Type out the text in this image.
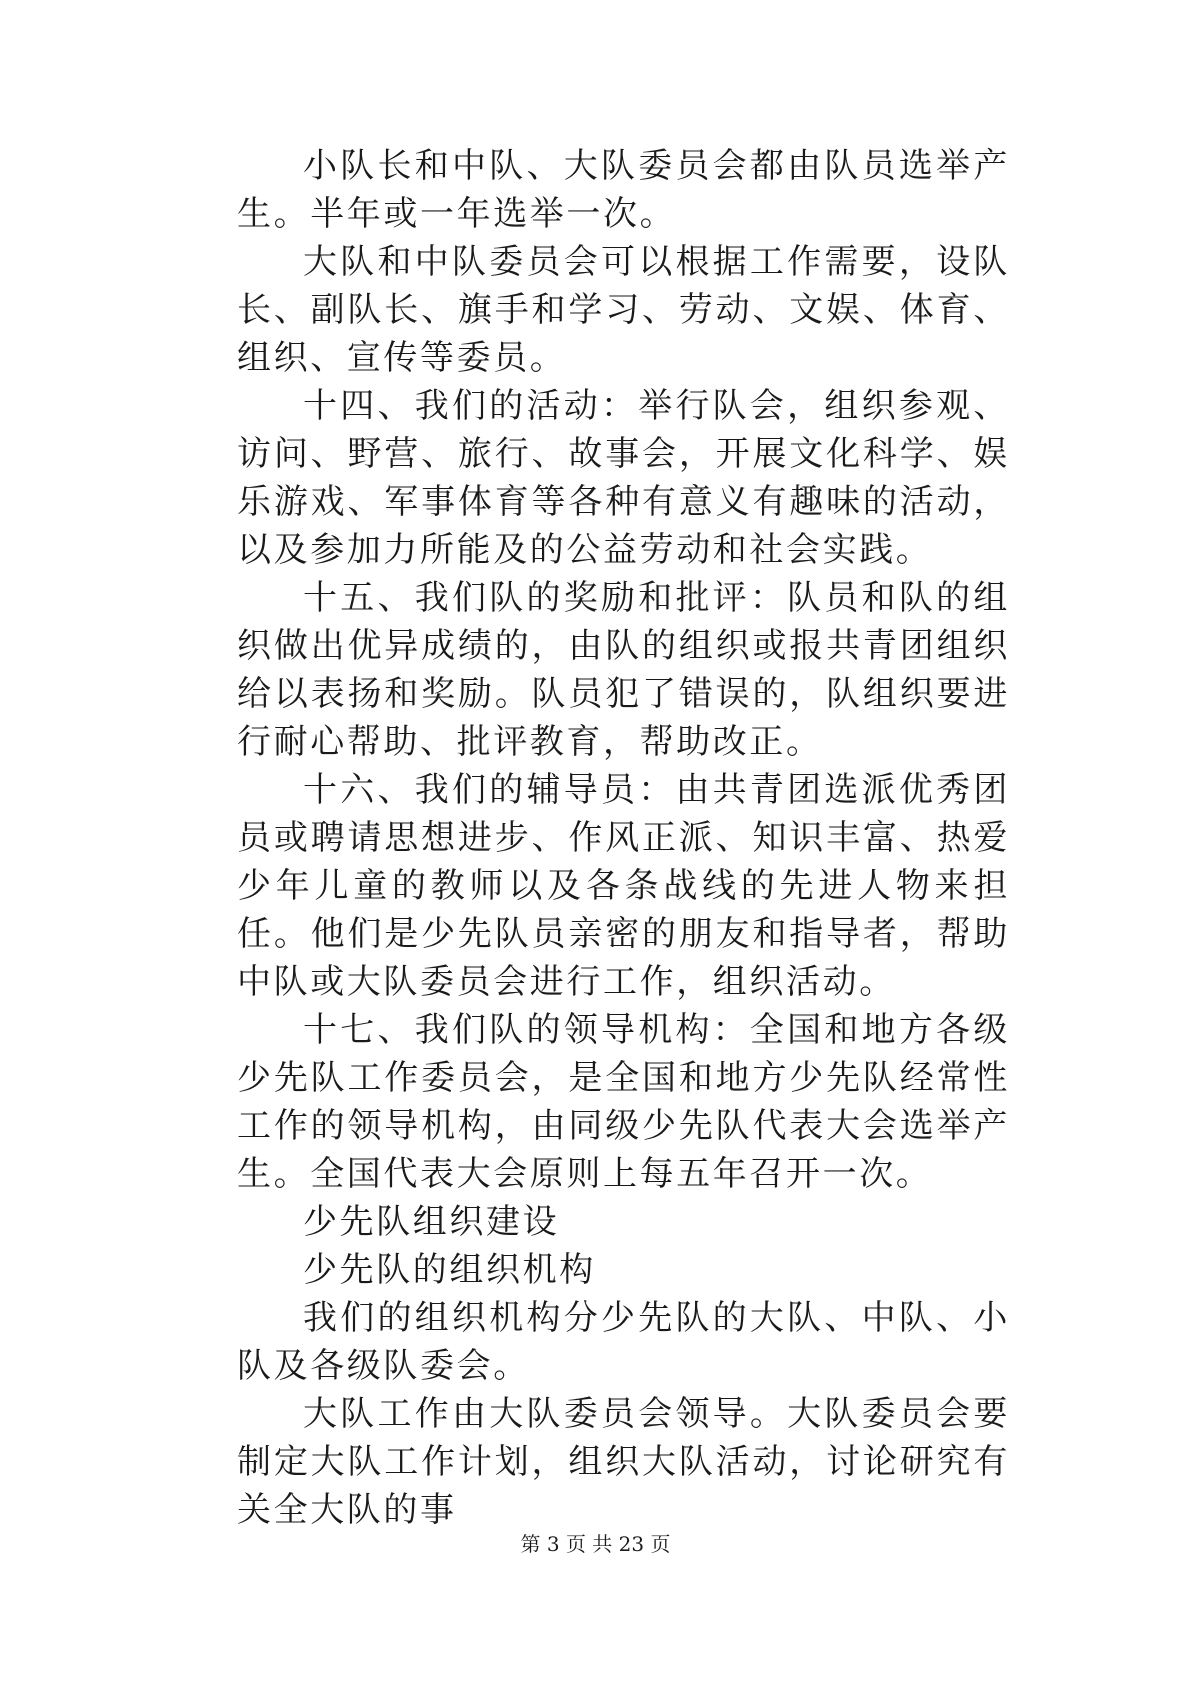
小队长和中队、大队委员会都由队员选举产生。半年或一年选举一次。

大队和中队委员会可以根据工作需要，设队长、副队长、旗手和学习、劳动、文娱、体育、组织、宣传等委员。

十四、我们的活动：举行队会，组织参观、访问、野营、旅行、故事会，开展文化科学、娱乐游戏、军事体育等各种有意义有趣味的活动，以及参加力所能及的公益劳动和社会实践。

十五、我们队的奖励和批评：队员和队的组织做出优异成绩的，由队的组织或报共青团组织给以表扬和奖励。队员犯了错误的，队组织要进行耐心帮助、批评教育，帮助改正。

十六、我们的辅导员：由共青团选派优秀团员或聘请思想进步、作风正派、知识丰富、热爱少年儿童的教师以及各条战线的先进人物来担任。他们是少先队员亲密的朋友和指导者，帮助中队或大队委员会进行工作，组织活动。

十七、我们队的领导机构：全国和地方各级少先队工作委员会，是全国和地方少先队经常性工作的领导机构，由同级少先队代表大会选举产生。全国代表大会原则上每五年召开一次。

少先队组织建设

少先队的组织机构

我们的组织机构分少先队的大队、中队、小队及各级队委会。

大队工作由大队委员会领导。大队委员会要制定大队工作计划，组织大队活动，讨论研究有关全大队的事

第 3 页 共 23 页
